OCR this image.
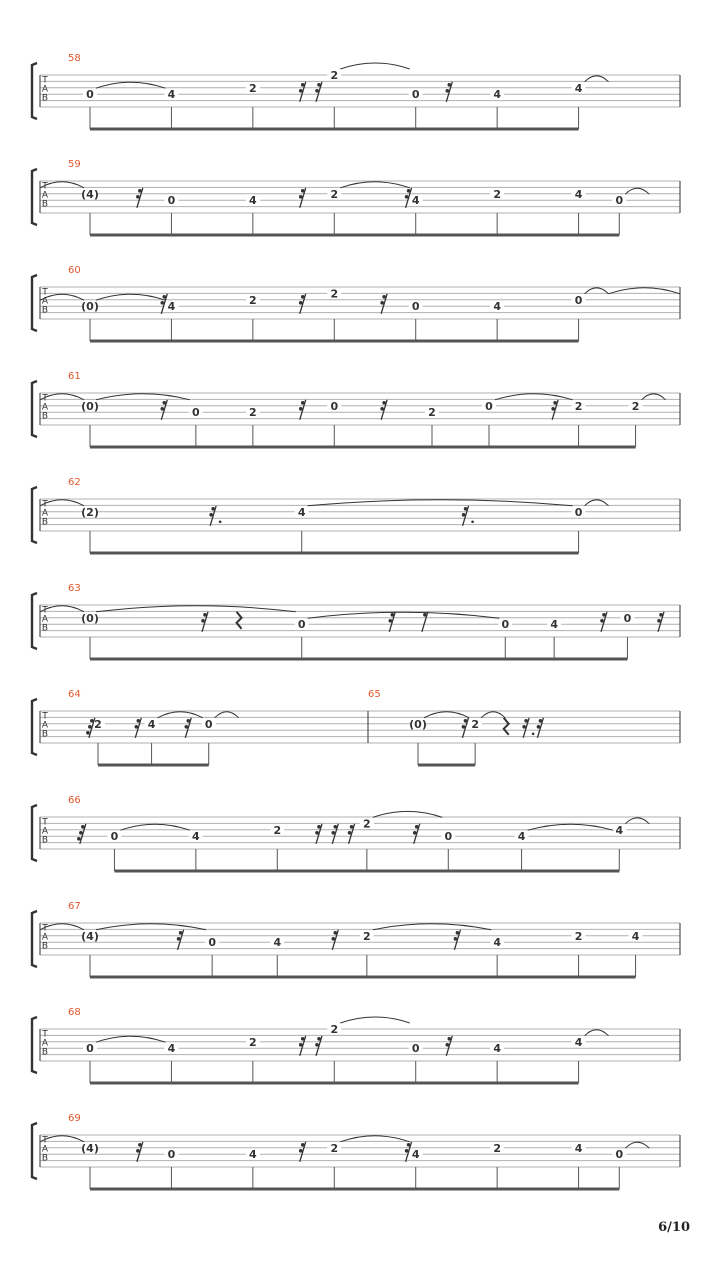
T
A
B
58
0	4	2
2
0	4	4
T
A
B
59
(4)	0	4	2	4	2	4	0
T
A
B
60
(0)	4	2	2
0	4	0
T
A
B
61
(0)	0	2	0	2	0	2	2
T
A
B
62
(2)	4	0
T
A
B
63
(0)	0	0	4	0
T
A
B
64
2	4	0
65
(0)	2
T
A
B
66
0	4	2	2
0	4	4
T
A
B
67
(4)	0	4	2	4	2	4
T
A
B
68
0	4	2
2
0	4	4
T
A
B
69
(4)	0	4	2	4	2	4	0
6/10
